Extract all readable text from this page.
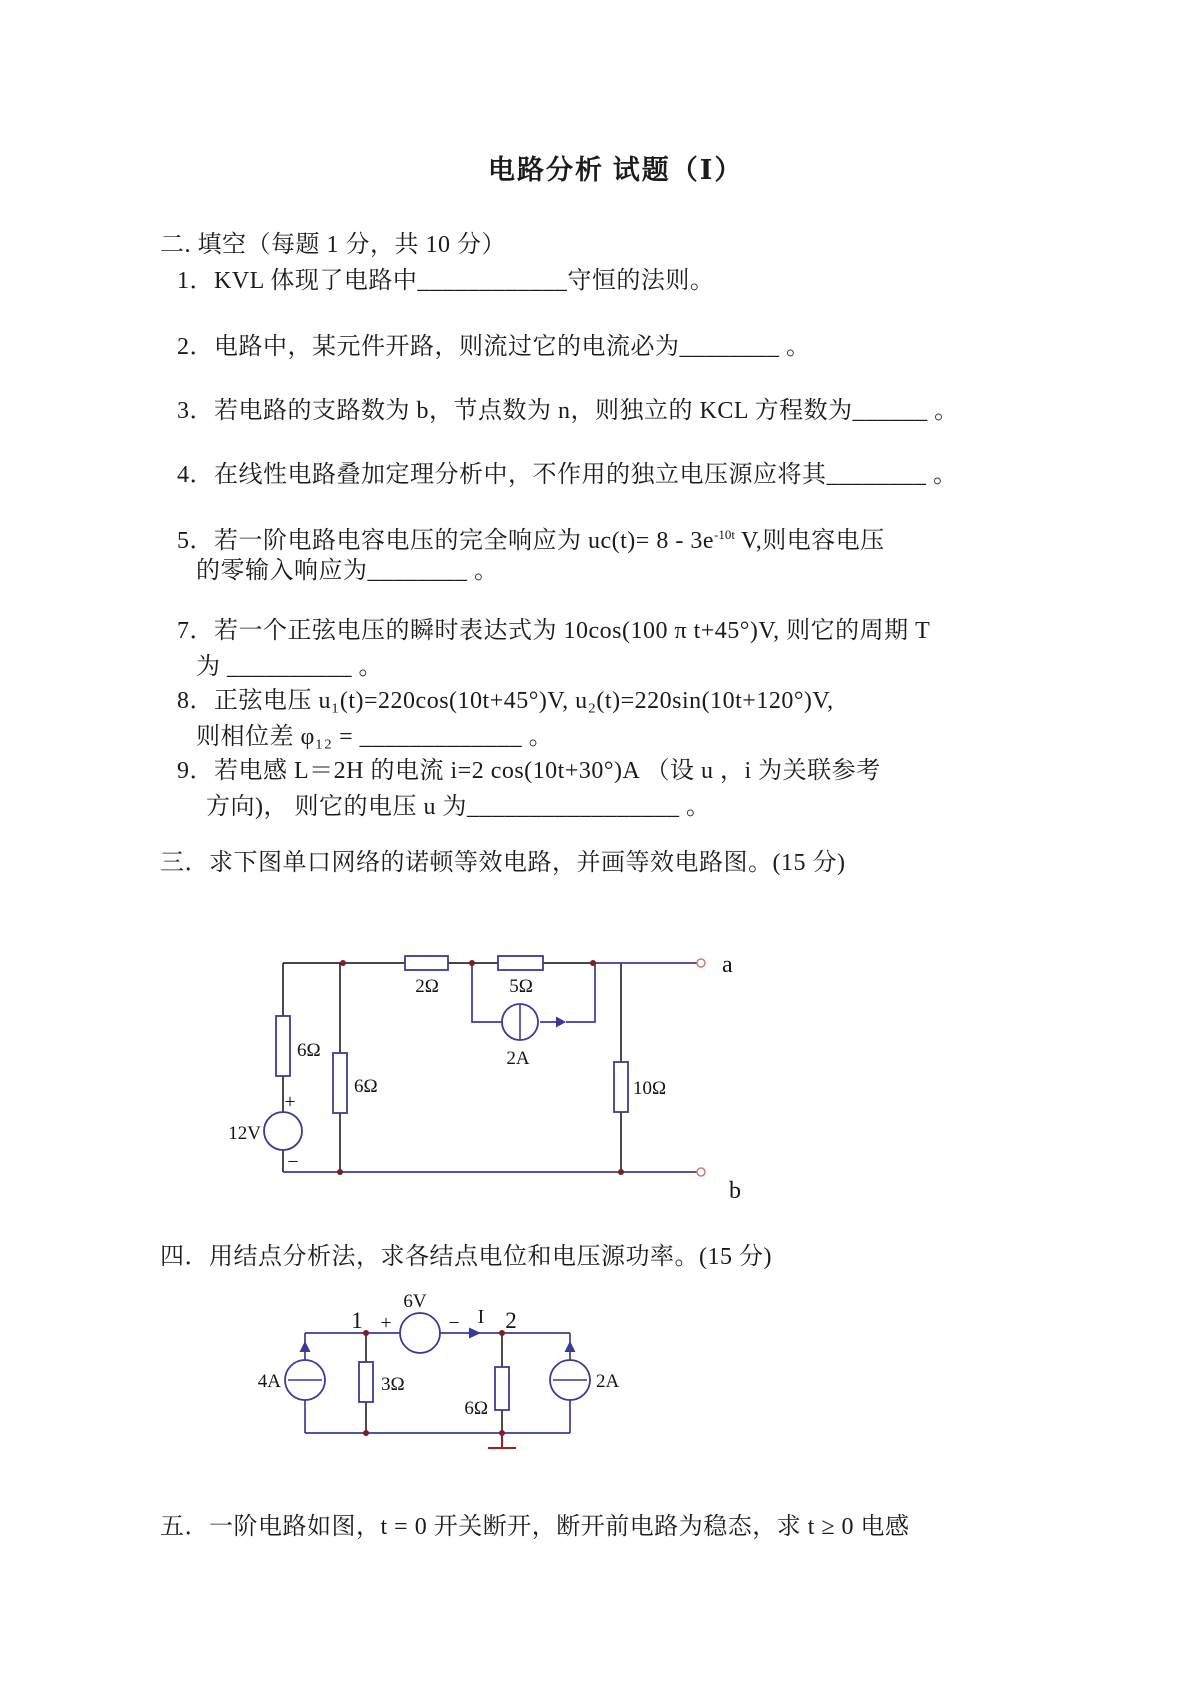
电路分析 试题（Ⅰ）
二. 填空（每题 1 分，共 10 分）
1．KVL 体现了电路中____________守恒的法则。
2．电路中，某元件开路，则流过它的电流必为________ 。
3．若电路的支路数为 b，节点数为 n，则独立的 KCL 方程数为______ 。
4．在线性电路叠加定理分析中，不作用的独立电压源应将其________ 。
5．若一阶电路电容电压的完全响应为 $uc(t)= 8 - 3e^{-10t}$ V,则电容电压
的零输入响应为________ 。
7．若一个正弦电压的瞬时表达式为 10cos(100 π t+45°)V, 则它的周期 T
为 __________ 。
8．正弦电压 u₁(t)=220cos(10t+45°)V, u₂(t)=220sin(10t+120°)V,
则相位差 φ₁₂ = _____________ 。
9．若电感 L＝2H 的电流 i=2 cos(10t+30°)A （设 u ，i 为关联参考
方向)， 则它的电压 u 为_________________ 。
三．求下图单口网络的诺顿等效电路，并画等效电路图。(15 分)
2Ω	5Ω
2A
6Ω
6Ω	10Ω
12V
+
−
a
b
四．用结点分析法，求各结点电位和电压源功率。(15 分)
1 +
6V
− I 2
4A	3Ω
6Ω
2A
五．一阶电路如图，t = 0 开关断开，断开前电路为稳态，求 t ≥ 0 电感
